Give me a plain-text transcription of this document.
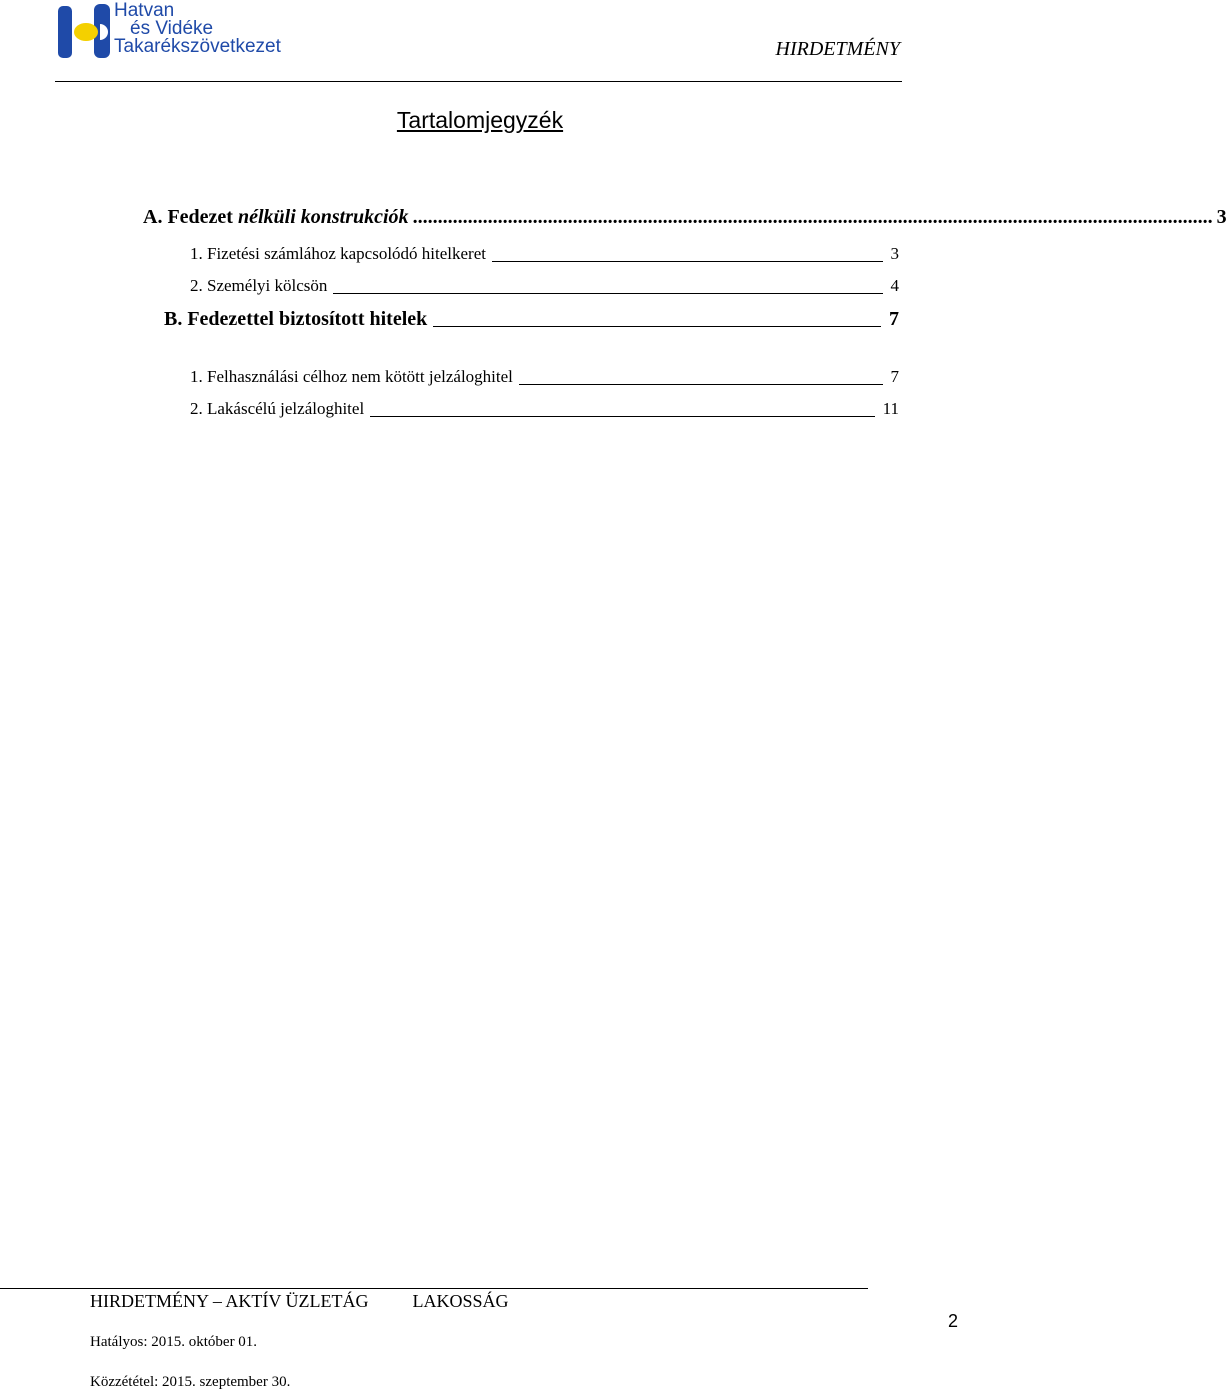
Hatvan
és Vidéke
Takarékszövetkezet	HIRDETMÉNY
Tartalomjegyzék
A. Fedezet nélküli konstrukciók ................................................................................................................................................................ 3
1. Fizetési számlához kapcsolódó hitelkeret	3
2. Személyi kölcsön	4
B. Fedezettel biztosított hitelek	7
1. Felhasználási célhoz nem kötött jelzáloghitel	7
2. Lakáscélú jelzáloghitel	11
HIRDETMÉNY – AKTÍV ÜZLETÁG LAKOSSÁG
Hatályos: 2015. október 01.
Közzététel: 2015. szeptember 30.
2
